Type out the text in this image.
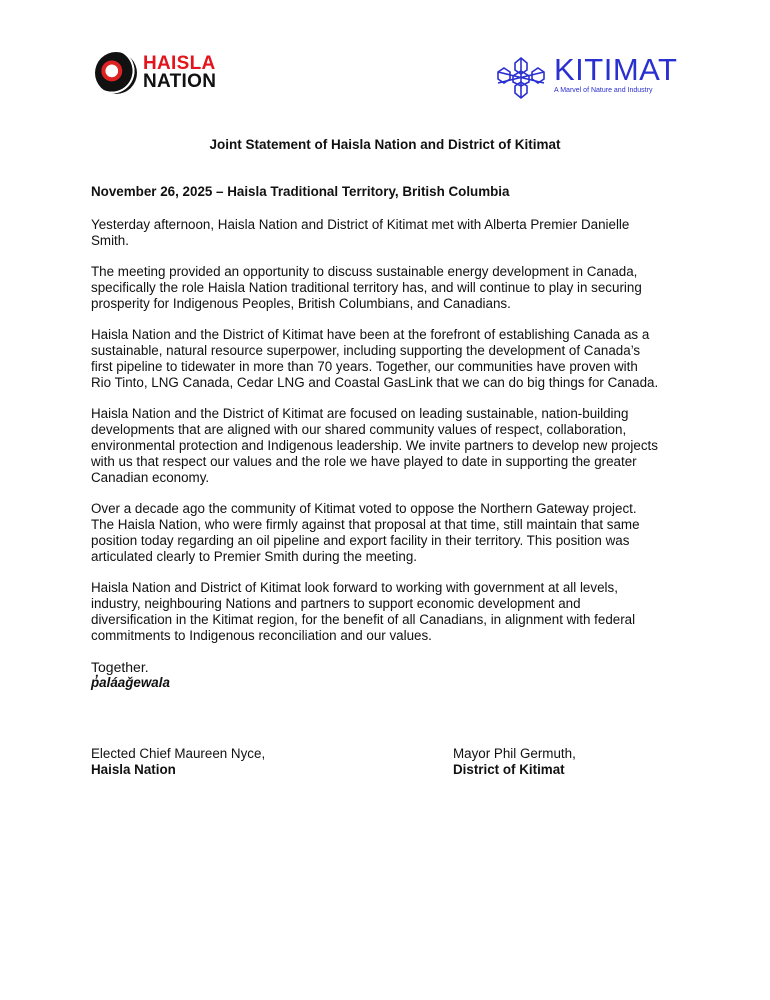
HAISLA
NATION	KITIMAT
A Marvel of Nature and Industry
Joint Statement of Haisla Nation and District of Kitimat
November 26, 2025 – Haisla Traditional Territory, British Columbia
Yesterday afternoon, Haisla Nation and District of Kitimat met with Alberta Premier Danielle
Smith.
The meeting provided an opportunity to discuss sustainable energy development in Canada,
specifically the role Haisla Nation traditional territory has, and will continue to play in securing
prosperity for Indigenous Peoples, British Columbians, and Canadians.
Haisla Nation and the District of Kitimat have been at the forefront of establishing Canada as a
sustainable, natural resource superpower, including supporting the development of Canada’s
first pipeline to tidewater in more than 70 years. Together, our communities have proven with
Rio Tinto, LNG Canada, Cedar LNG and Coastal GasLink that we can do big things for Canada.
Haisla Nation and the District of Kitimat are focused on leading sustainable, nation-building
developments that are aligned with our shared community values of respect, collaboration,
environmental protection and Indigenous leadership. We invite partners to develop new projects
with us that respect our values and the role we have played to date in supporting the greater
Canadian economy.
Over a decade ago the community of Kitimat voted to oppose the Northern Gateway project.
The Haisla Nation, who were firmly against that proposal at that time, still maintain that same
position today regarding an oil pipeline and export facility in their territory. This position was
articulated clearly to Premier Smith during the meeting.
Haisla Nation and District of Kitimat look forward to working with government at all levels,
industry, neighbouring Nations and partners to support economic development and
diversification in the Kitimat region, for the benefit of all Canadians, in alignment with federal
commitments to Indigenous reconciliation and our values.
Together.
p̓aláaǧewala
Elected Chief Maureen Nyce,
Haisla Nation
Mayor Phil Germuth,
District of Kitimat
